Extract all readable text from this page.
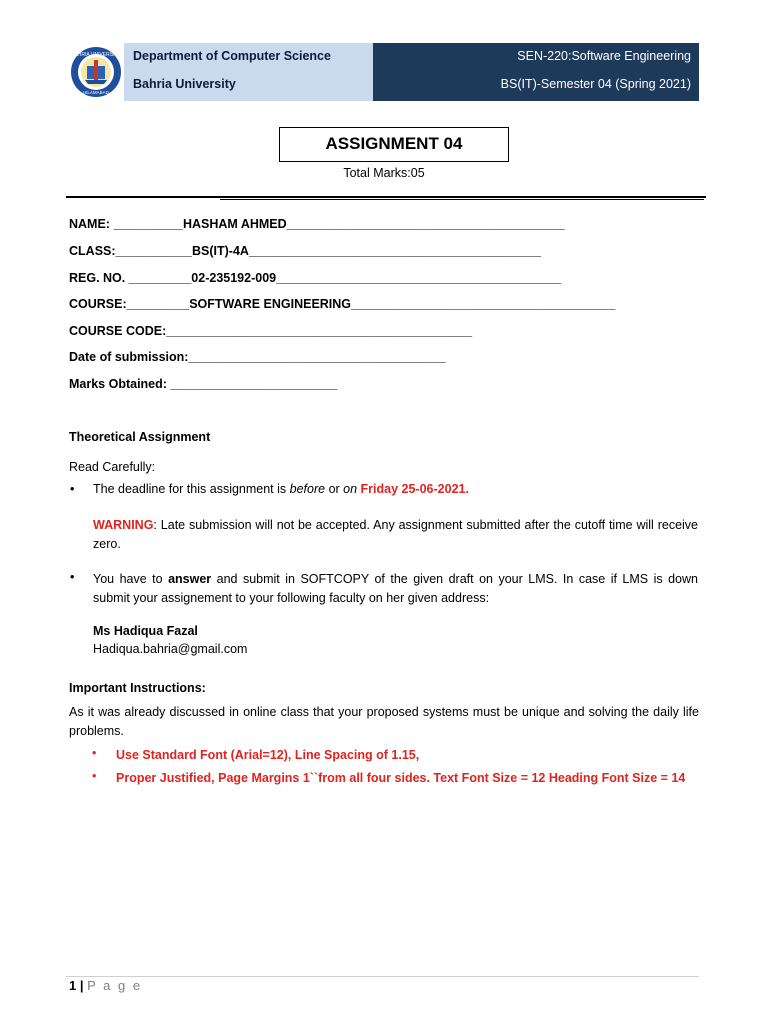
BAHRIA UNIVERSITY
ISLAMABAD
Department of Computer Science
Bahria University
SEN-220:Software Engineering
BS(IT)-Semester 04 (Spring 2021)
ASSIGNMENT 04
Total Marks:05
NAME: __________HASHAM AHMED________________________________________
CLASS:___________BS(IT)-4A__________________________________________
REG. NO. _________02-235192-009_________________________________________
COURSE:_________SOFTWARE ENGINEERING______________________________________
COURSE CODE:____________________________________________
Date of submission:_____________________________________
Marks Obtained: ________________________
Theoretical Assignment
Read Carefully:
• The deadline for this assignment is before or on Friday 25-06-2021.
WARNING: Late submission will not be accepted. Any assignment submitted after the cutoff time will receive zero.
• You have to answer and submit in SOFTCOPY of the given draft on your LMS. In case if LMS is down submit your assignement to your following faculty on her given address:
Ms Hadiqua Fazal
Hadiqua.bahria@gmail.com
Important Instructions:
As it was already discussed in online class that your proposed systems must be unique and solving the daily life problems.
• Use Standard Font (Arial=12), Line Spacing of 1.15,
• Proper Justified, Page Margins 1``from all four sides. Text Font Size = 12 Heading Font Size = 14
1 | P a g e
